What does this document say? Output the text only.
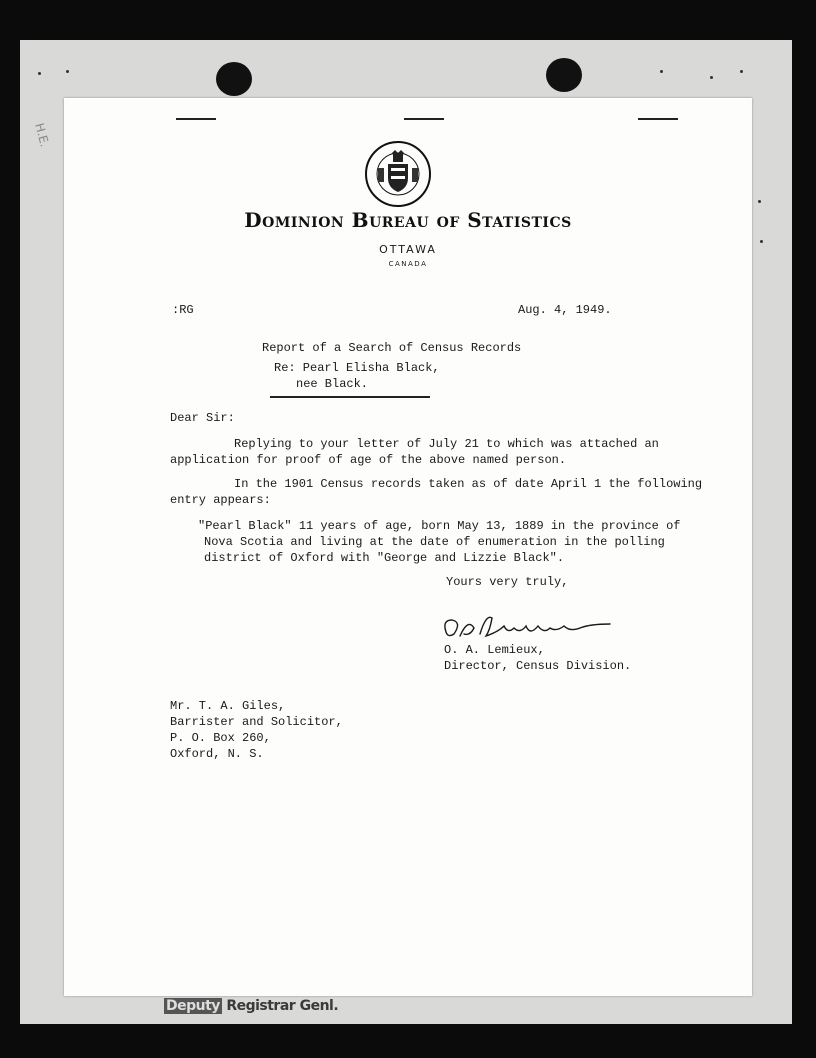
H.E.
Deputy Registrar Genl.
Dominion Bureau of Statistics
OTTAWA
CANADA
:RG	Aug. 4, 1949.
Report of a Search of Census Records
Re: Pearl Elisha Black,
nee Black.
Dear Sir:
Replying to your letter of July 21 to which was attached an
application for proof of age of the above named person.
In the 1901 Census records taken as of date April 1 the following
entry appears:
"Pearl Black" 11 years of age, born May 13, 1889 in the province of
Nova Scotia and living at the date of enumeration in the polling
district of Oxford with "George and Lizzie Black".
Yours very truly,
O. A. Lemieux,
Director, Census Division.
Mr. T. A. Giles,
Barrister and Solicitor,
P. O. Box 260,
Oxford, N. S.
